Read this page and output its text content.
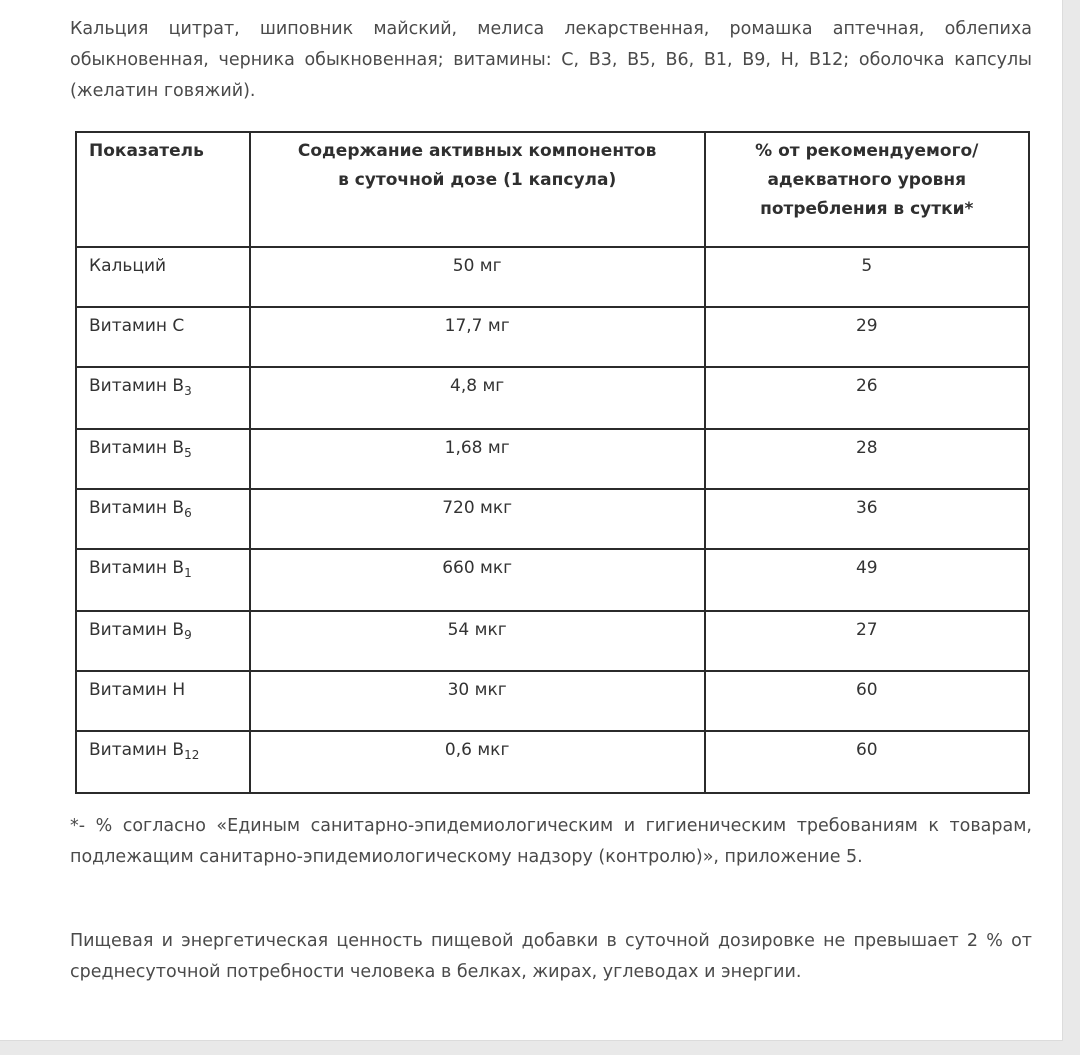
Кальция цитрат, шиповник майский, мелиса лекарственная, ромашка аптечная, облепиха обыкновенная, черника обыкновенная; витамины: С, В3, В5, В6, В1, В9, Н, В12; оболочка капсулы (желатин говяжий).

Показатель	Содержание активных компонентов в суточной дозе (1 капсула)	% от рекомендуемого/ адекватного уровня потребления в сутки*
Кальций	50 мг	5
Витамин С	17,7 мг	29
Витамин $В_3$	4,8 мг	26
Витамин $В_5$	1,68 мг	28
Витамин $В_6$	720 мкг	36
Витамин $В_1$	660 мкг	49
Витамин $В_9$	54 мкг	27
Витамин Н	30 мкг	60
Витамин $В_{12}$	0,6 мкг	60

*- % согласно «Единым санитарно-эпидемиологическим и гигиеническим требованиям к товарам, подлежащим санитарно-эпидемиологическому надзору (контролю)», приложение 5.

Пищевая и энергетическая ценность пищевой добавки в суточной дозировке не превышает 2 % от среднесуточной потребности человека в белках, жирах, углеводах и энергии.
